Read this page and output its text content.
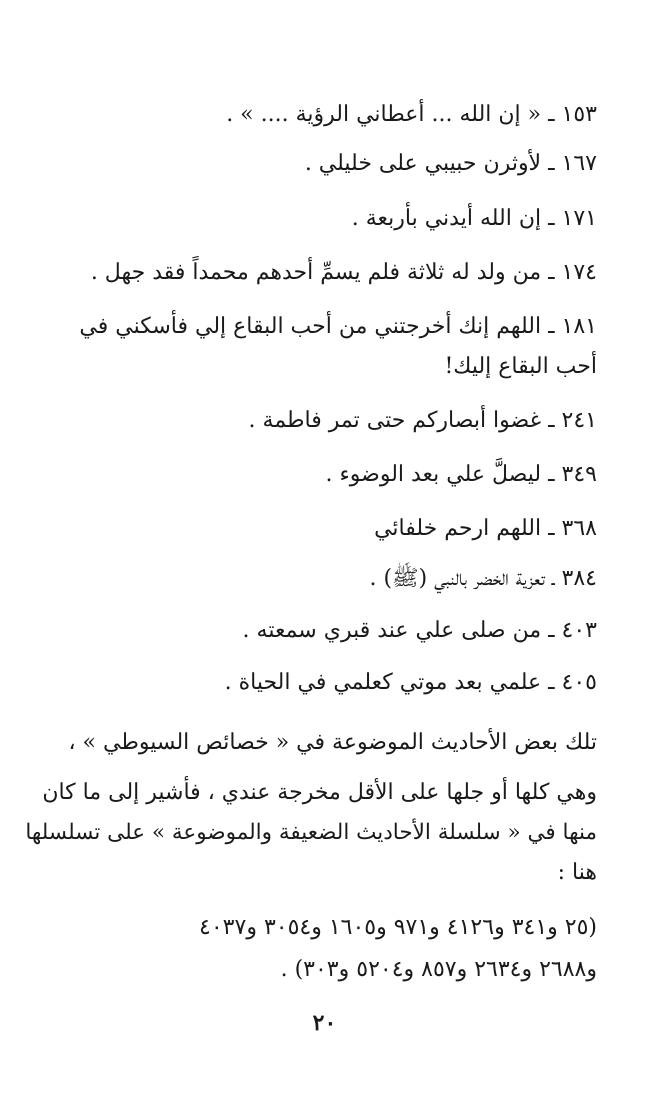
١٥٣ ـ « إن الله ... أعطاني الرؤية .... » .
١٦٧ ـ لأوثرن حبيبي على خليلي .
١٧١ ـ إن الله أيدني بأربعة .
١٧٤ ـ من ولد له ثلاثة فلم يسمِّ أحدهم محمداً فقد جهل .
١٨١ ـ اللهم إنك أخرجتني من أحب البقاع إلي فأسكني في
أحب البقاع إليك!
٢٤١ ـ غضوا أبصاركم حتى تمر فاطمة .
٣٤٩ ـ ليصلَّ علي بعد الوضوء .
٣٦٨ ـ اللهم ارحم خلفائي
٣٨٤ ـ تعزية الخضر بالنبي (ﷺ) .
٤٠٣ ـ من صلى علي عند قبري سمعته .
٤٠٥ ـ علمي بعد موتي كعلمي في الحياة .
تلك بعض الأحاديث الموضوعة في « خصائص السيوطي » ،
وهي كلها أو جلها على الأقل مخرجة عندي ، فأشير إلى ما كان
منها في « سلسلة الأحاديث الضعيفة والموضوعة » على تسلسلها
هنا :
(٢٥ و٣٤١ و٤١٢٦ و٩٧١ و١٦٠٥ و٣٠٥٤ و٤٠٣٧
و٢٦٨٨ و٢٦٣٤ و٨٥٧ و٥٢٠٤ و٣٠٣) .
٢٠
